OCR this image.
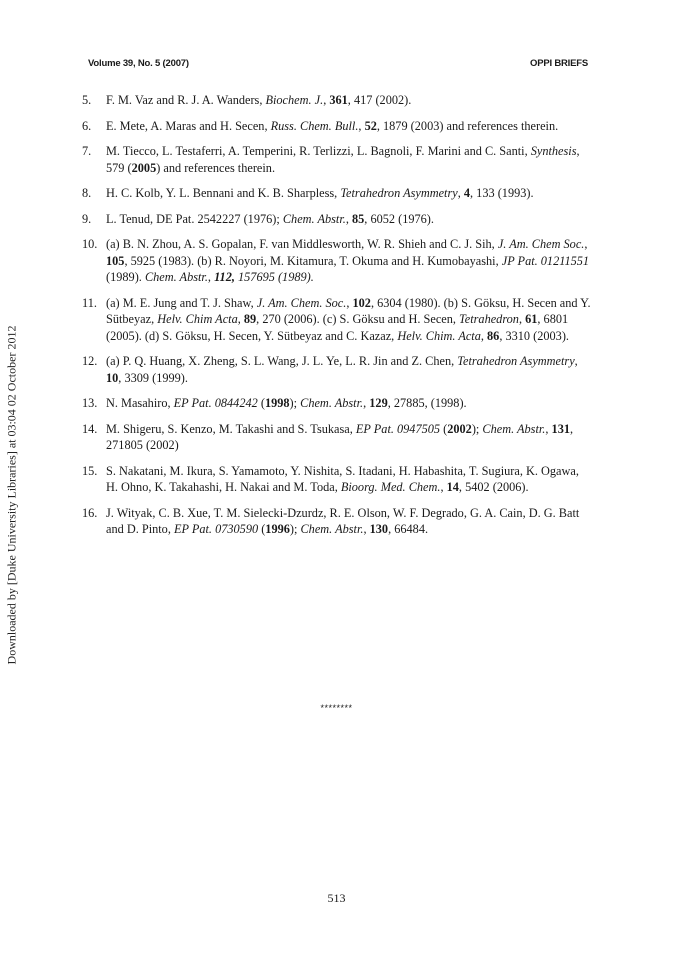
Volume 39, No. 5 (2007)	OPPI BRIEFS
Downloaded by [Duke University Libraries] at 03:04 02 October 2012
5. F. M. Vaz and R. J. A. Wanders, Biochem. J., 361, 417 (2002).
6. E. Mete, A. Maras and H. Secen, Russ. Chem. Bull., 52, 1879 (2003) and references therein.
7. M. Tiecco, L. Testaferri, A. Temperini, R. Terlizzi, L. Bagnoli, F. Marini and C. Santi, Synthesis, 579 (2005) and references therein.
8. H. C. Kolb, Y. L. Bennani and K. B. Sharpless, Tetrahedron Asymmetry, 4, 133 (1993).
9. L. Tenud, DE Pat. 2542227 (1976); Chem. Abstr., 85, 6052 (1976).
10. (a) B. N. Zhou, A. S. Gopalan, F. van Middlesworth, W. R. Shieh and C. J. Sih, J. Am. Chem Soc., 105, 5925 (1983). (b) R. Noyori, M. Kitamura, T. Okuma and H. Kumobayashi, JP Pat. 01211551 (1989). Chem. Abstr., 112, 157695 (1989).
11. (a) M. E. Jung and T. J. Shaw, J. Am. Chem. Soc., 102, 6304 (1980). (b) S. Göksu, H. Secen and Y. Sütbeyaz, Helv. Chim Acta, 89, 270 (2006). (c) S. Göksu and H. Secen, Tetrahedron, 61, 6801 (2005). (d) S. Göksu, H. Secen, Y. Sütbeyaz and C. Kazaz, Helv. Chim. Acta, 86, 3310 (2003).
12. (a) P. Q. Huang, X. Zheng, S. L. Wang, J. L. Ye, L. R. Jin and Z. Chen, Tetrahedron Asymmetry, 10, 3309 (1999).
13. N. Masahiro, EP Pat. 0844242 (1998); Chem. Abstr., 129, 27885, (1998).
14. M. Shigeru, S. Kenzo, M. Takashi and S. Tsukasa, EP Pat. 0947505 (2002); Chem. Abstr., 131, 271805 (2002)
15. S. Nakatani, M. Ikura, S. Yamamoto, Y. Nishita, S. Itadani, H. Habashita, T. Sugiura, K. Ogawa, H. Ohno, K. Takahashi, H. Nakai and M. Toda, Bioorg. Med. Chem., 14, 5402 (2006).
16. J. Wityak, C. B. Xue, T. M. Sielecki-Dzurdz, R. E. Olson, W. F. Degrado, G. A. Cain, D. G. Batt and D. Pinto, EP Pat. 0730590 (1996); Chem. Abstr., 130, 66484.
********
513
